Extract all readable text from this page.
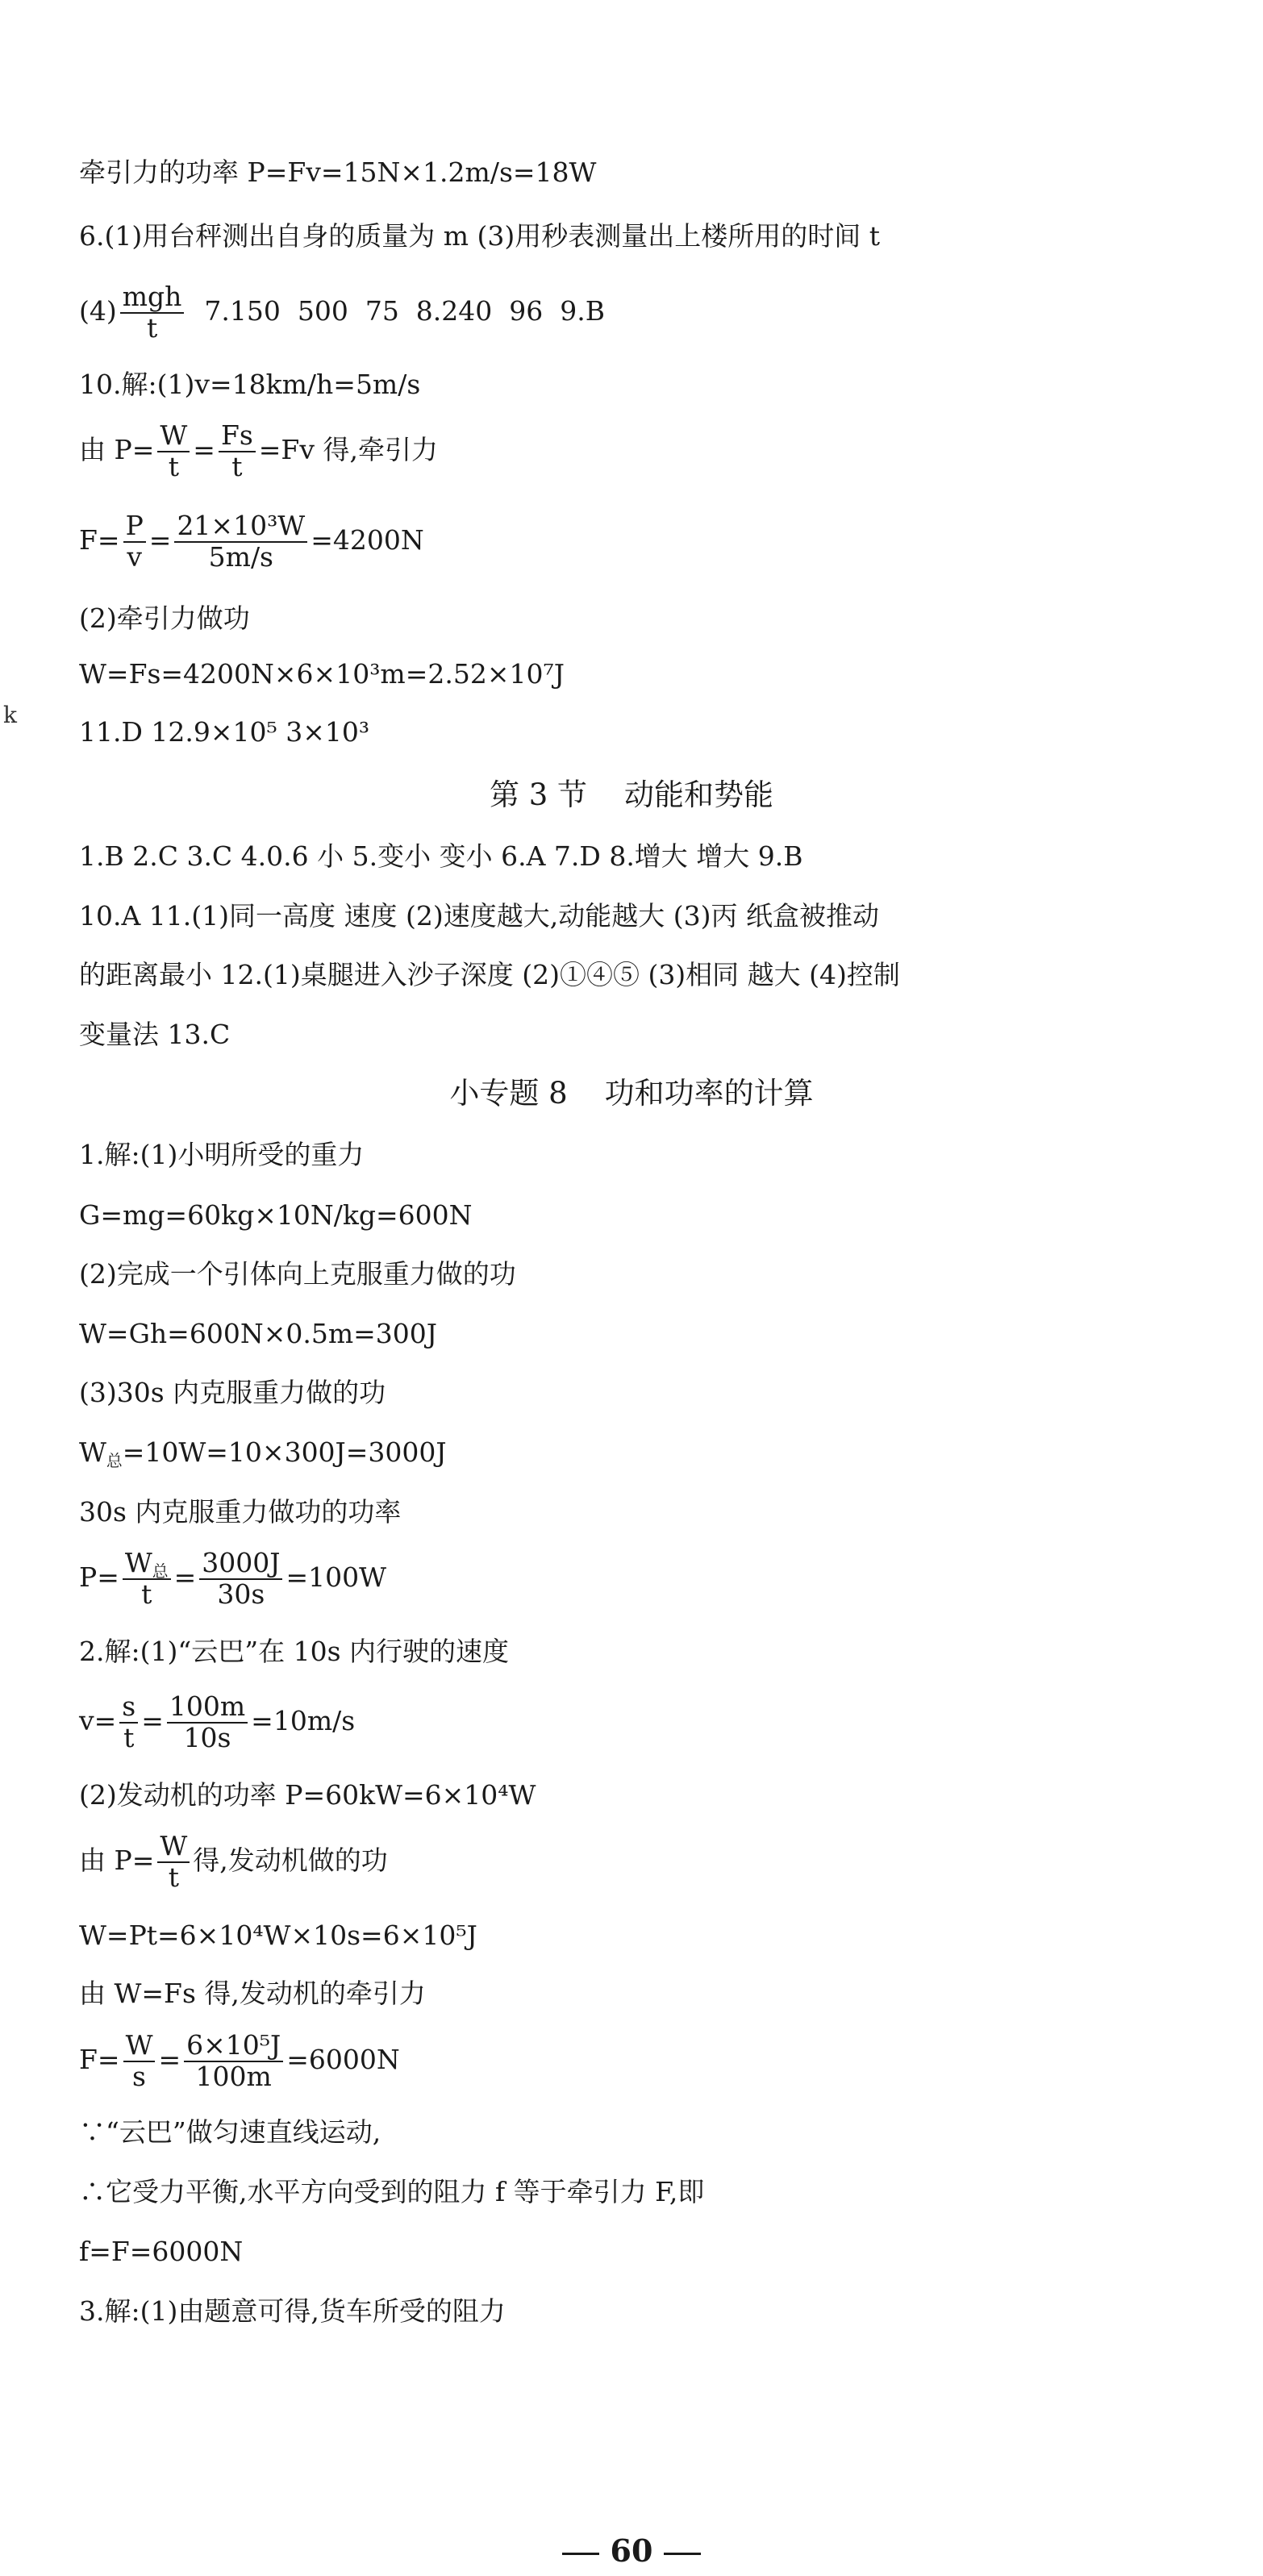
k
牵引力的功率 P=Fv=15N×1.2m/s=18W
6.(1)用台秤测出自身的质量为 m (3)用秒表测量出上楼所用的时间 t
$(4) \frac{\text{mgh}}{t} 7.150$  500  75  8.240  96  9.B
10.解:(1)v=18km/h=5m/s
由 $P= \frac{W}{t} = \frac{Fs}{t} =Fv$ 得,牵引力
$F= \frac{P}{v} = \frac{\text{21×10³W}}{5m/s} =4200N$
(2)牵引力做功
W=Fs=4200N×6×10³m=2.52×10⁷J
11.D 12.9×10⁵ 3×10³
第 3 节 动能和势能
1.B 2.C 3.C 4.0.6 小 5.变小 变小 6.A 7.D 8.增大 增大 9.B
10.A 11.(1)同一高度 速度 (2)速度越大,动能越大 (3)丙 纸盒被推动
的距离最小 12.(1)桌腿进入沙子深度 (2)①④⑤ (3)相同 越大 (4)控制
变量法 13.C
小专题 8 功和功率的计算
1.解:(1)小明所受的重力
G=mg=60kg×10N/kg=600N
(2)完成一个引体向上克服重力做的功
W=Gh=600N×0.5m=300J
(3)30s 内克服重力做的功
$W_总=10W=10\times 300J=3000J$
30s 内克服重力做功的功率
$P= \frac{W_总}{t} = \frac{3000J}{30s} =100W$
2.解:(1)“云巴”在 10s 内行驶的速度
$v= \frac{s}{t} = \frac{100m}{10s} =10m/s$
(2)发动机的功率 P=60kW=6×10⁴W
由 $P= \frac{W}{t}$ 得,发动机做的功
W=Pt=6×10⁴W×10s=6×10⁵J
由 W=Fs 得,发动机的牵引力
$F= \frac{W}{s} = \frac{\text{6×10⁵J}}{100m} =6000N$
∵“云巴”做匀速直线运动,
∴它受力平衡,水平方向受到的阻力 f 等于牵引力 F,即
f=F=6000N
3.解:(1)由题意可得,货车所受的阻力
60
